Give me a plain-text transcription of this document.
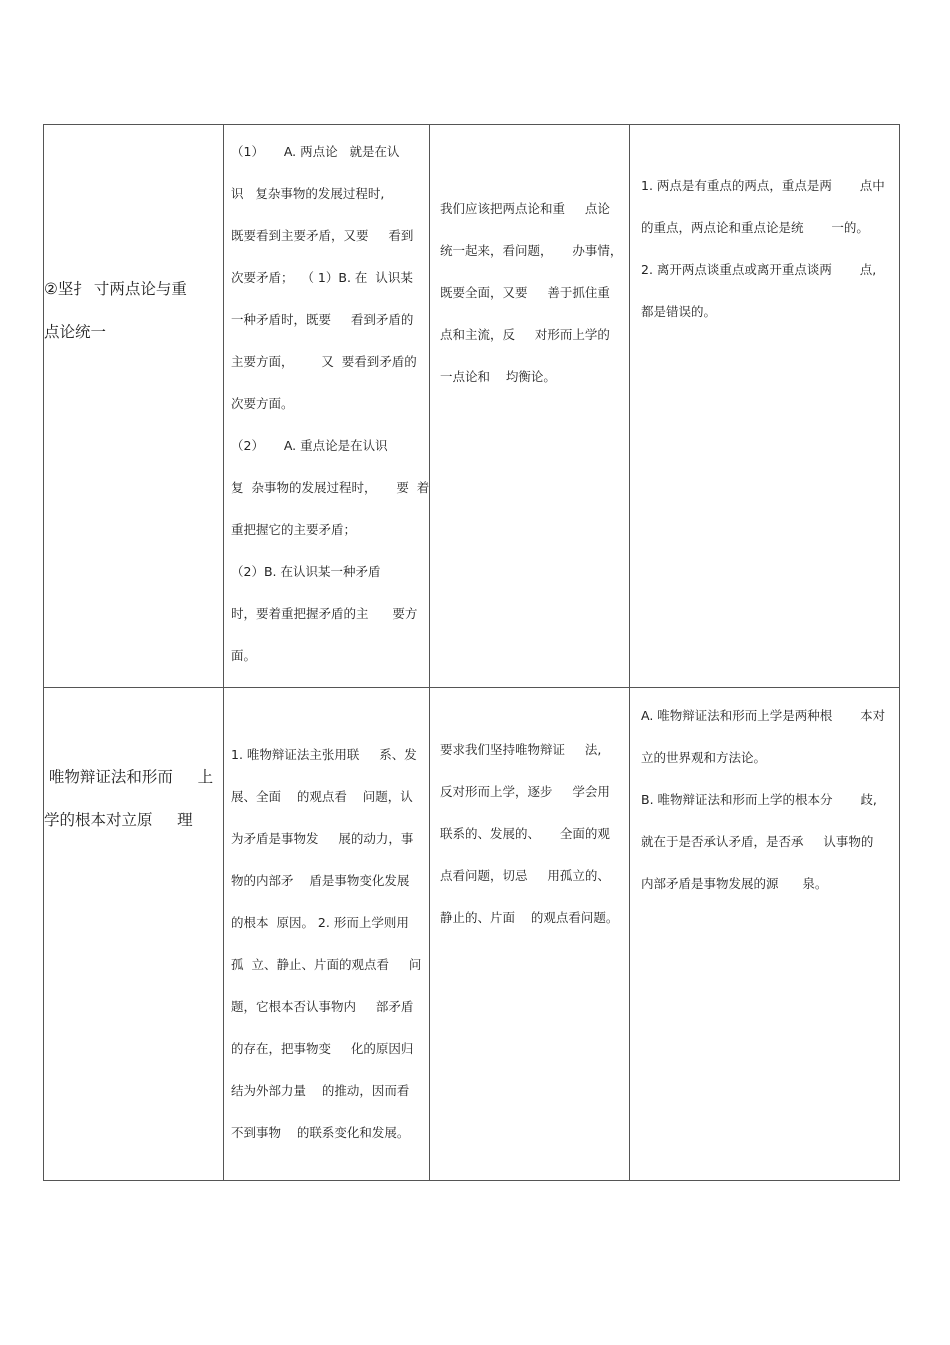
②坚扌 寸两点论与重

点论统一

（1）     A. 两点论   就是在认

识   复杂事物的发展过程时,

既要看到主要矛盾，又要     看到

次要矛盾；  （ 1）B. 在  认识某

一种矛盾时，既要     看到矛盾的

主要方面，       又  要看到矛盾的

次要方面。

（2）     A. 重点论是在认识

复  杂事物的发展过程时，     要  着

重把握它的主要矛盾；

（2）B. 在认识某一种矛盾

时，要着重把握矛盾的主      要方

面。

我们应该把两点论和重     点论

统一起来，看问题，     办事情，

既要全面，又要     善于抓住重

点和主流，反     对形而上学的

一点论和    均衡论。

1. 两点是有重点的两点，重点是两       点中

的重点，两点论和重点论是统       一的。

2. 离开两点谈重点或离开重点谈两       点,

都是错误的。

唯物辩证法和形而     上

学的根本对立原     理

1. 唯物辩证法主张用联     系、发

展、全面    的观点看    问题，认

为矛盾是事物发     展的动力，事

物的内部矛    盾是事物变化发展

的根本  原因。 2. 形而上学则用

孤  立、静止、片面的观点看     问

题，它根本否认事物内     部矛盾

的存在，把事物变     化的原因归

结为外部力量    的推动，因而看

不到事物    的联系变化和发展。

要求我们坚持唯物辩证     法,

反对形而上学，逐步     学会用

联系的、发展的、     全面的观

点看问题，切忌     用孤立的、

静止的、片面    的观点看问题。

A. 唯物辩证法和形而上学是两种根       本对

立的世界观和方法论。

B. 唯物辩证法和形而上学的根本分       歧,

就在于是否承认矛盾，是否承     认事物的

内部矛盾是事物发展的源      泉。
